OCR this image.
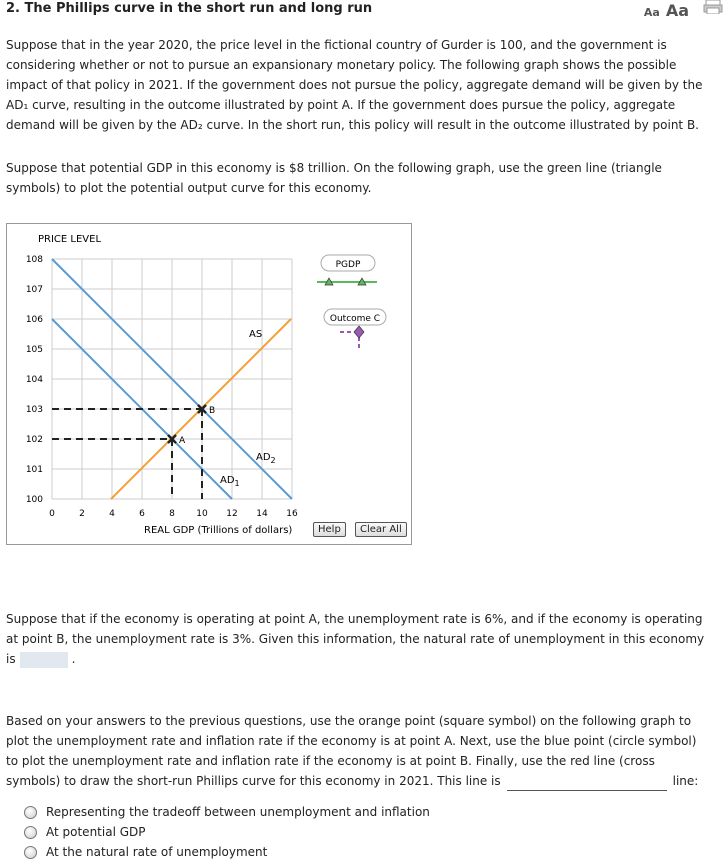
2. The Phillips curve in the short run and long run	Aa Aa
Suppose that in the year 2020, the price level in the fictional country of Gurder is 100, and the government is considering whether or not to pursue an expansionary monetary policy. The following graph shows the possible impact of that policy in 2021. If the government does not pursue the policy, aggregate demand will be given by the AD₁ curve, resulting in the outcome illustrated by point A. If the government does pursue the policy, aggregate demand will be given by the AD₂ curve. In the short run, this policy will result in the outcome illustrated by point B.
Suppose that potential GDP in this economy is $8 trillion. On the following graph, use the green line (triangle symbols) to plot the potential output curve for this economy.
PRICE LEVEL
108
107
106
105
104
103
102
101
100
0	2	4	6	8 10 12 14 16
REAL GDP (Trillions of dollars)
B
A
AS
$AD_2$
$AD_1$
PGDP
Outcome C
Help	Clear All
Suppose that if the economy is operating at point A, the unemployment rate is 6%, and if the economy is operating at point B, the unemployment rate is 3%. Given this information, the natural rate of unemployment in this economy is	.
Based on your answers to the previous questions, use the orange point (square symbol) on the following graph to plot the unemployment rate and inflation rate if the economy is at point A. Next, use the blue point (circle symbol) to plot the unemployment rate and inflation rate if the economy is at point B. Finally, use the red line (cross symbols) to draw the short-run Phillips curve for this economy in 2021. This line is	line:
Representing the tradeoff between unemployment and inflation
At potential GDP
At the natural rate of unemployment
